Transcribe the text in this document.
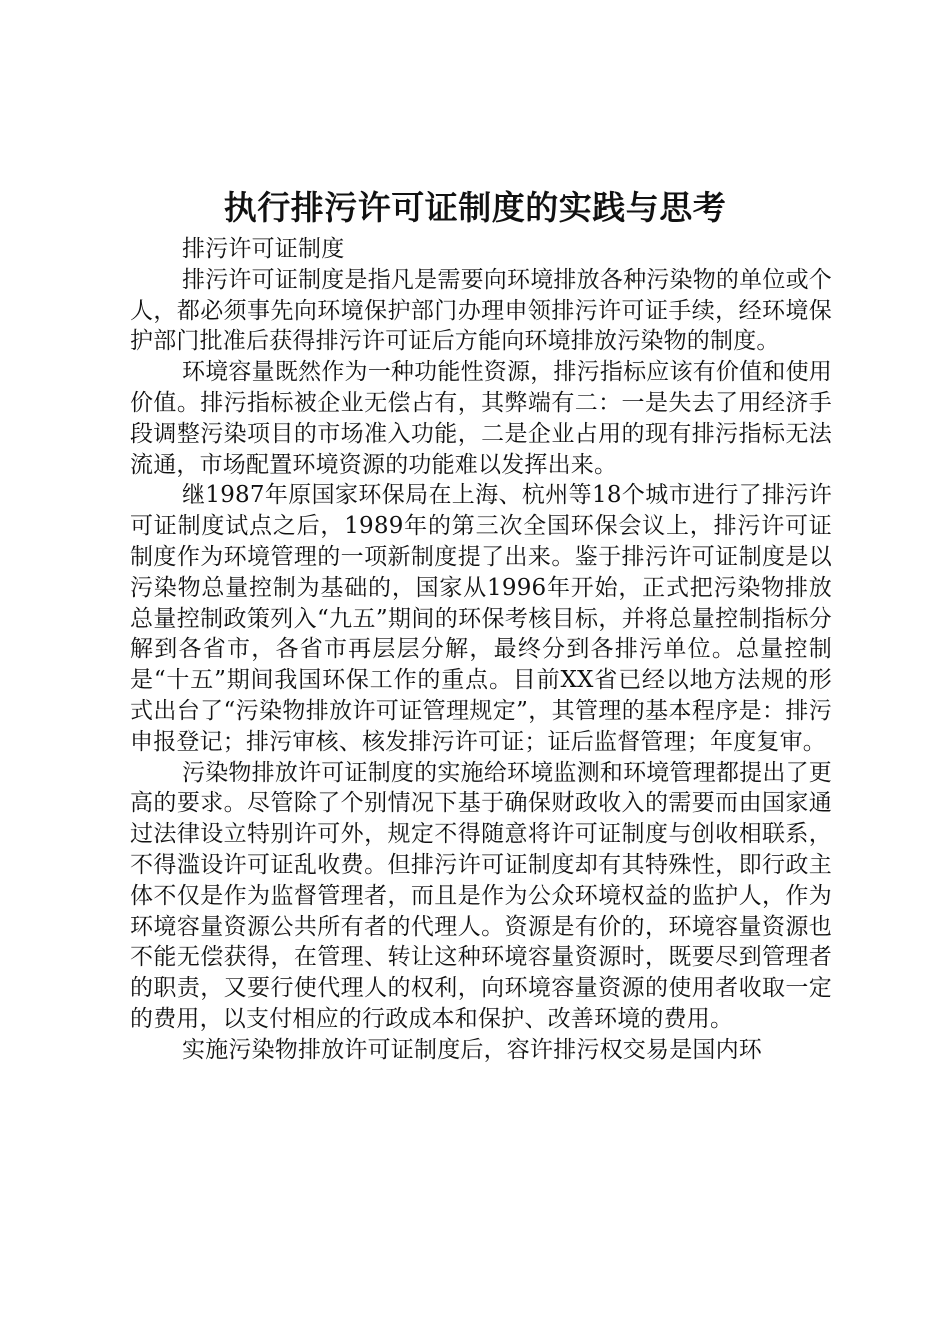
执行排污许可证制度的实践与思考

排污许可证制度

排污许可证制度是指凡是需要向环境排放各种污染物的单位或个人，都必须事先向环境保护部门办理申领排污许可证手续，经环境保护部门批准后获得排污许可证后方能向环境排放污染物的制度。

环境容量既然作为一种功能性资源，排污指标应该有价值和使用价值。排污指标被企业无偿占有，其弊端有二：一是失去了用经济手段调整污染项目的市场准入功能，二是企业占用的现有排污指标无法流通，市场配置环境资源的功能难以发挥出来。

继1987年原国家环保局在上海、杭州等18个城市进行了排污许可证制度试点之后，1989年的第三次全国环保会议上，排污许可证制度作为环境管理的一项新制度提了出来。鉴于排污许可证制度是以污染物总量控制为基础的，国家从1996年开始，正式把污染物排放总量控制政策列入“九五”期间的环保考核目标，并将总量控制指标分解到各省市，各省市再层层分解，最终分到各排污单位。总量控制是“十五”期间我国环保工作的重点。目前XX省已经以地方法规的形式出台了“污染物排放许可证管理规定”，其管理的基本程序是：排污申报登记；排污审核、核发排污许可证；证后监督管理；年度复审。

污染物排放许可证制度的实施给环境监测和环境管理都提出了更高的要求。尽管除了个别情况下基于确保财政收入的需要而由国家通过法律设立特别许可外，规定不得随意将许可证制度与创收相联系，不得滥设许可证乱收费。但排污许可证制度却有其特殊性，即行政主体不仅是作为监督管理者，而且是作为公众环境权益的监护人，作为环境容量资源公共所有者的代理人。资源是有价的，环境容量资源也不能无偿获得，在管理、转让这种环境容量资源时，既要尽到管理者的职责，又要行使代理人的权利，向环境容量资源的使用者收取一定的费用，以支付相应的行政成本和保护、改善环境的费用。

实施污染物排放许可证制度后，容许排污权交易是国内环
